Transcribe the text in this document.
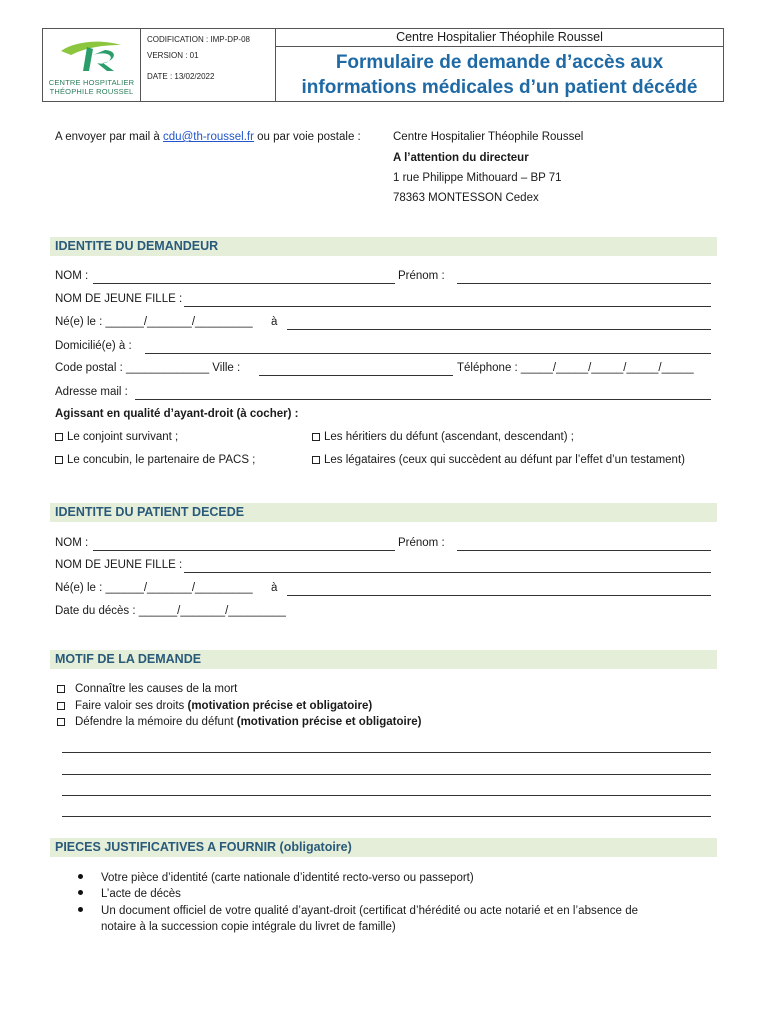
CENTRE HOSPITALIER
THÉOPHILE ROUSSEL
CODIFICATION : IMP-DP-08
VERSION : 01
DATE : 13/02/2022
Centre Hospitalier Théophile Roussel
Formulaire de demande d’accès aux
informations médicales d’un patient décédé
A envoyer par mail à cdu@th-roussel.fr ou par voie postale :	Centre Hospitalier Théophile Roussel
A l’attention du directeur
1 rue Philippe Mithouard – BP 71
78363 MONTESSON Cedex
IDENTITE DU DEMANDEUR
NOM :	Prénom :
NOM DE JEUNE FILLE :
Né(e) le : ______/_______/_________ à
Domicilié(e) à :
Code postal : _____________ Ville :	Téléphone : _____/_____/_____/_____/_____
Adresse mail :
Agissant en qualité d’ayant-droit (à cocher) :
Le conjoint survivant ;	Les héritiers du défunt (ascendant, descendant) ;
Le concubin, le partenaire de PACS ;	Les légataires (ceux qui succèdent au défunt par l’effet d’un testament)
IDENTITE DU PATIENT DECEDE
NOM :	Prénom :
NOM DE JEUNE FILLE :
Né(e) le : ______/_______/_________ à
Date du décès : ______/_______/_________
MOTIF DE LA DEMANDE
Connaître les causes de la mort
Faire valoir ses droits (motivation précise et obligatoire)
Défendre la mémoire du défunt (motivation précise et obligatoire)
PIECES JUSTIFICATIVES A FOURNIR (obligatoire)
Votre pièce d’identité (carte nationale d’identité recto-verso ou passeport)
L’acte de décès
Un document officiel de votre qualité d’ayant-droit (certificat d’hérédité ou acte notarié et en l’absence de
notaire à la succession copie intégrale du livret de famille)
